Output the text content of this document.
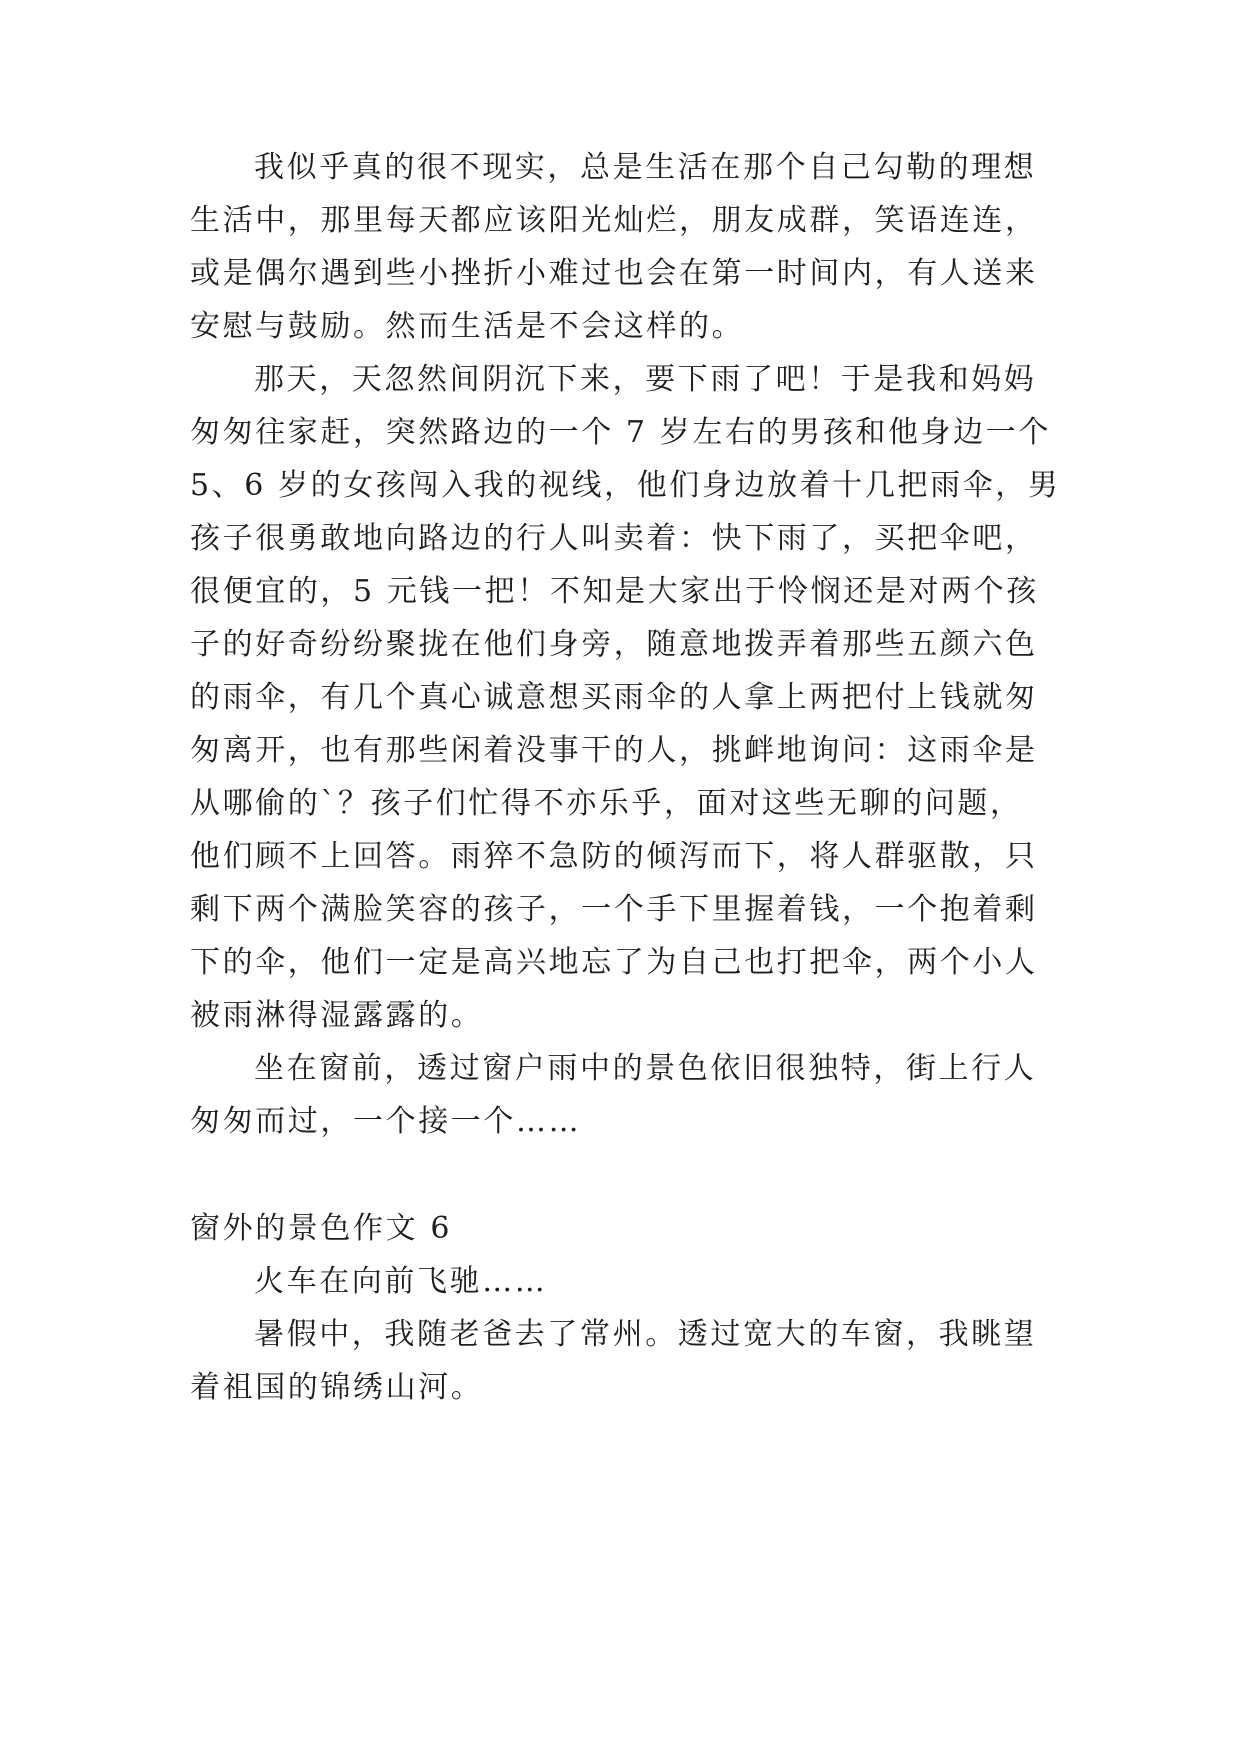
我似乎真的很不现实，总是生活在那个自己勾勒的理想
生活中，那里每天都应该阳光灿烂，朋友成群，笑语连连，
或是偶尔遇到些小挫折小难过也会在第一时间内，有人送来
安慰与鼓励。然而生活是不会这样的。
那天，天忽然间阴沉下来，要下雨了吧！于是我和妈妈
匆匆往家赶，突然路边的一个 7 岁左右的男孩和他身边一个
5、6 岁的女孩闯入我的视线，他们身边放着十几把雨伞，男
孩子很勇敢地向路边的行人叫卖着：快下雨了，买把伞吧，
很便宜的，5 元钱一把！不知是大家出于怜悯还是对两个孩
子的好奇纷纷聚拢在他们身旁，随意地拨弄着那些五颜六色
的雨伞，有几个真心诚意想买雨伞的人拿上两把付上钱就匆
匆离开，也有那些闲着没事干的人，挑衅地询问：这雨伞是
从哪偷的`？孩子们忙得不亦乐乎，面对这些无聊的问题，
他们顾不上回答。雨猝不急防的倾泻而下，将人群驱散，只
剩下两个满脸笑容的孩子，一个手下里握着钱，一个抱着剩
下的伞，他们一定是高兴地忘了为自己也打把伞，两个小人
被雨淋得湿露露的。
坐在窗前，透过窗户雨中的景色依旧很独特，街上行人
匆匆而过，一个接一个……
窗外的景色作文 6
火车在向前飞驰……
暑假中，我随老爸去了常州。透过宽大的车窗，我眺望
着祖国的锦绣山河。
